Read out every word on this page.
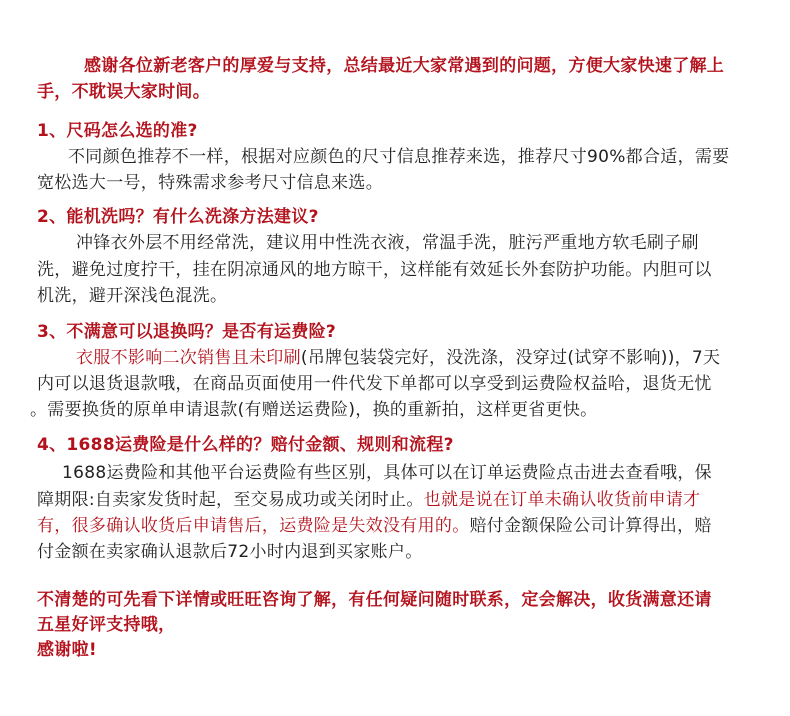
感谢各位新老客户的厚爱与支持，总结最近大家常遇到的问题，方便大家快速了解上
手，不耽误大家时间。
1、尺码怎么选的准?
不同颜色推荐不一样，根据对应颜色的尺寸信息推荐来选，推荐尺寸90%都合适，需要
宽松选大一号，特殊需求参考尺寸信息来选。
2、能机洗吗？有什么洗涤方法建议?
冲锋衣外层不用经常洗，建议用中性洗衣液，常温手洗，脏污严重地方软毛刷子刷
洗，避免过度拧干，挂在阴凉通风的地方晾干，这样能有效延长外套防护功能。内胆可以
机洗，避开深浅色混洗。
3、不满意可以退换吗？是否有运费险?
衣服不影响二次销售且未印刷(吊牌包装袋完好，没洗涤，没穿过(试穿不影响))，7天
内可以退货退款哦，在商品页面使用一件代发下单都可以享受到运费险权益哈，退货无忧
。需要换货的原单申请退款(有赠送运费险)，换的重新拍，这样更省更快。
4、1688运费险是什么样的？赔付金额、规则和流程?
1688运费险和其他平台运费险有些区别，具体可以在订单运费险点击进去查看哦，保
障期限:自卖家发货时起，至交易成功或关闭时止。也就是说在订单未确认收货前申请才
有，很多确认收货后申请售后，运费险是失效没有用的。赔付金额保险公司计算得出，赔
付金额在卖家确认退款后72小时内退到买家账户。
不清楚的可先看下详情或旺旺咨询了解，有任何疑问随时联系，定会解决，收货满意还请
五星好评支持哦，
感谢啦!
